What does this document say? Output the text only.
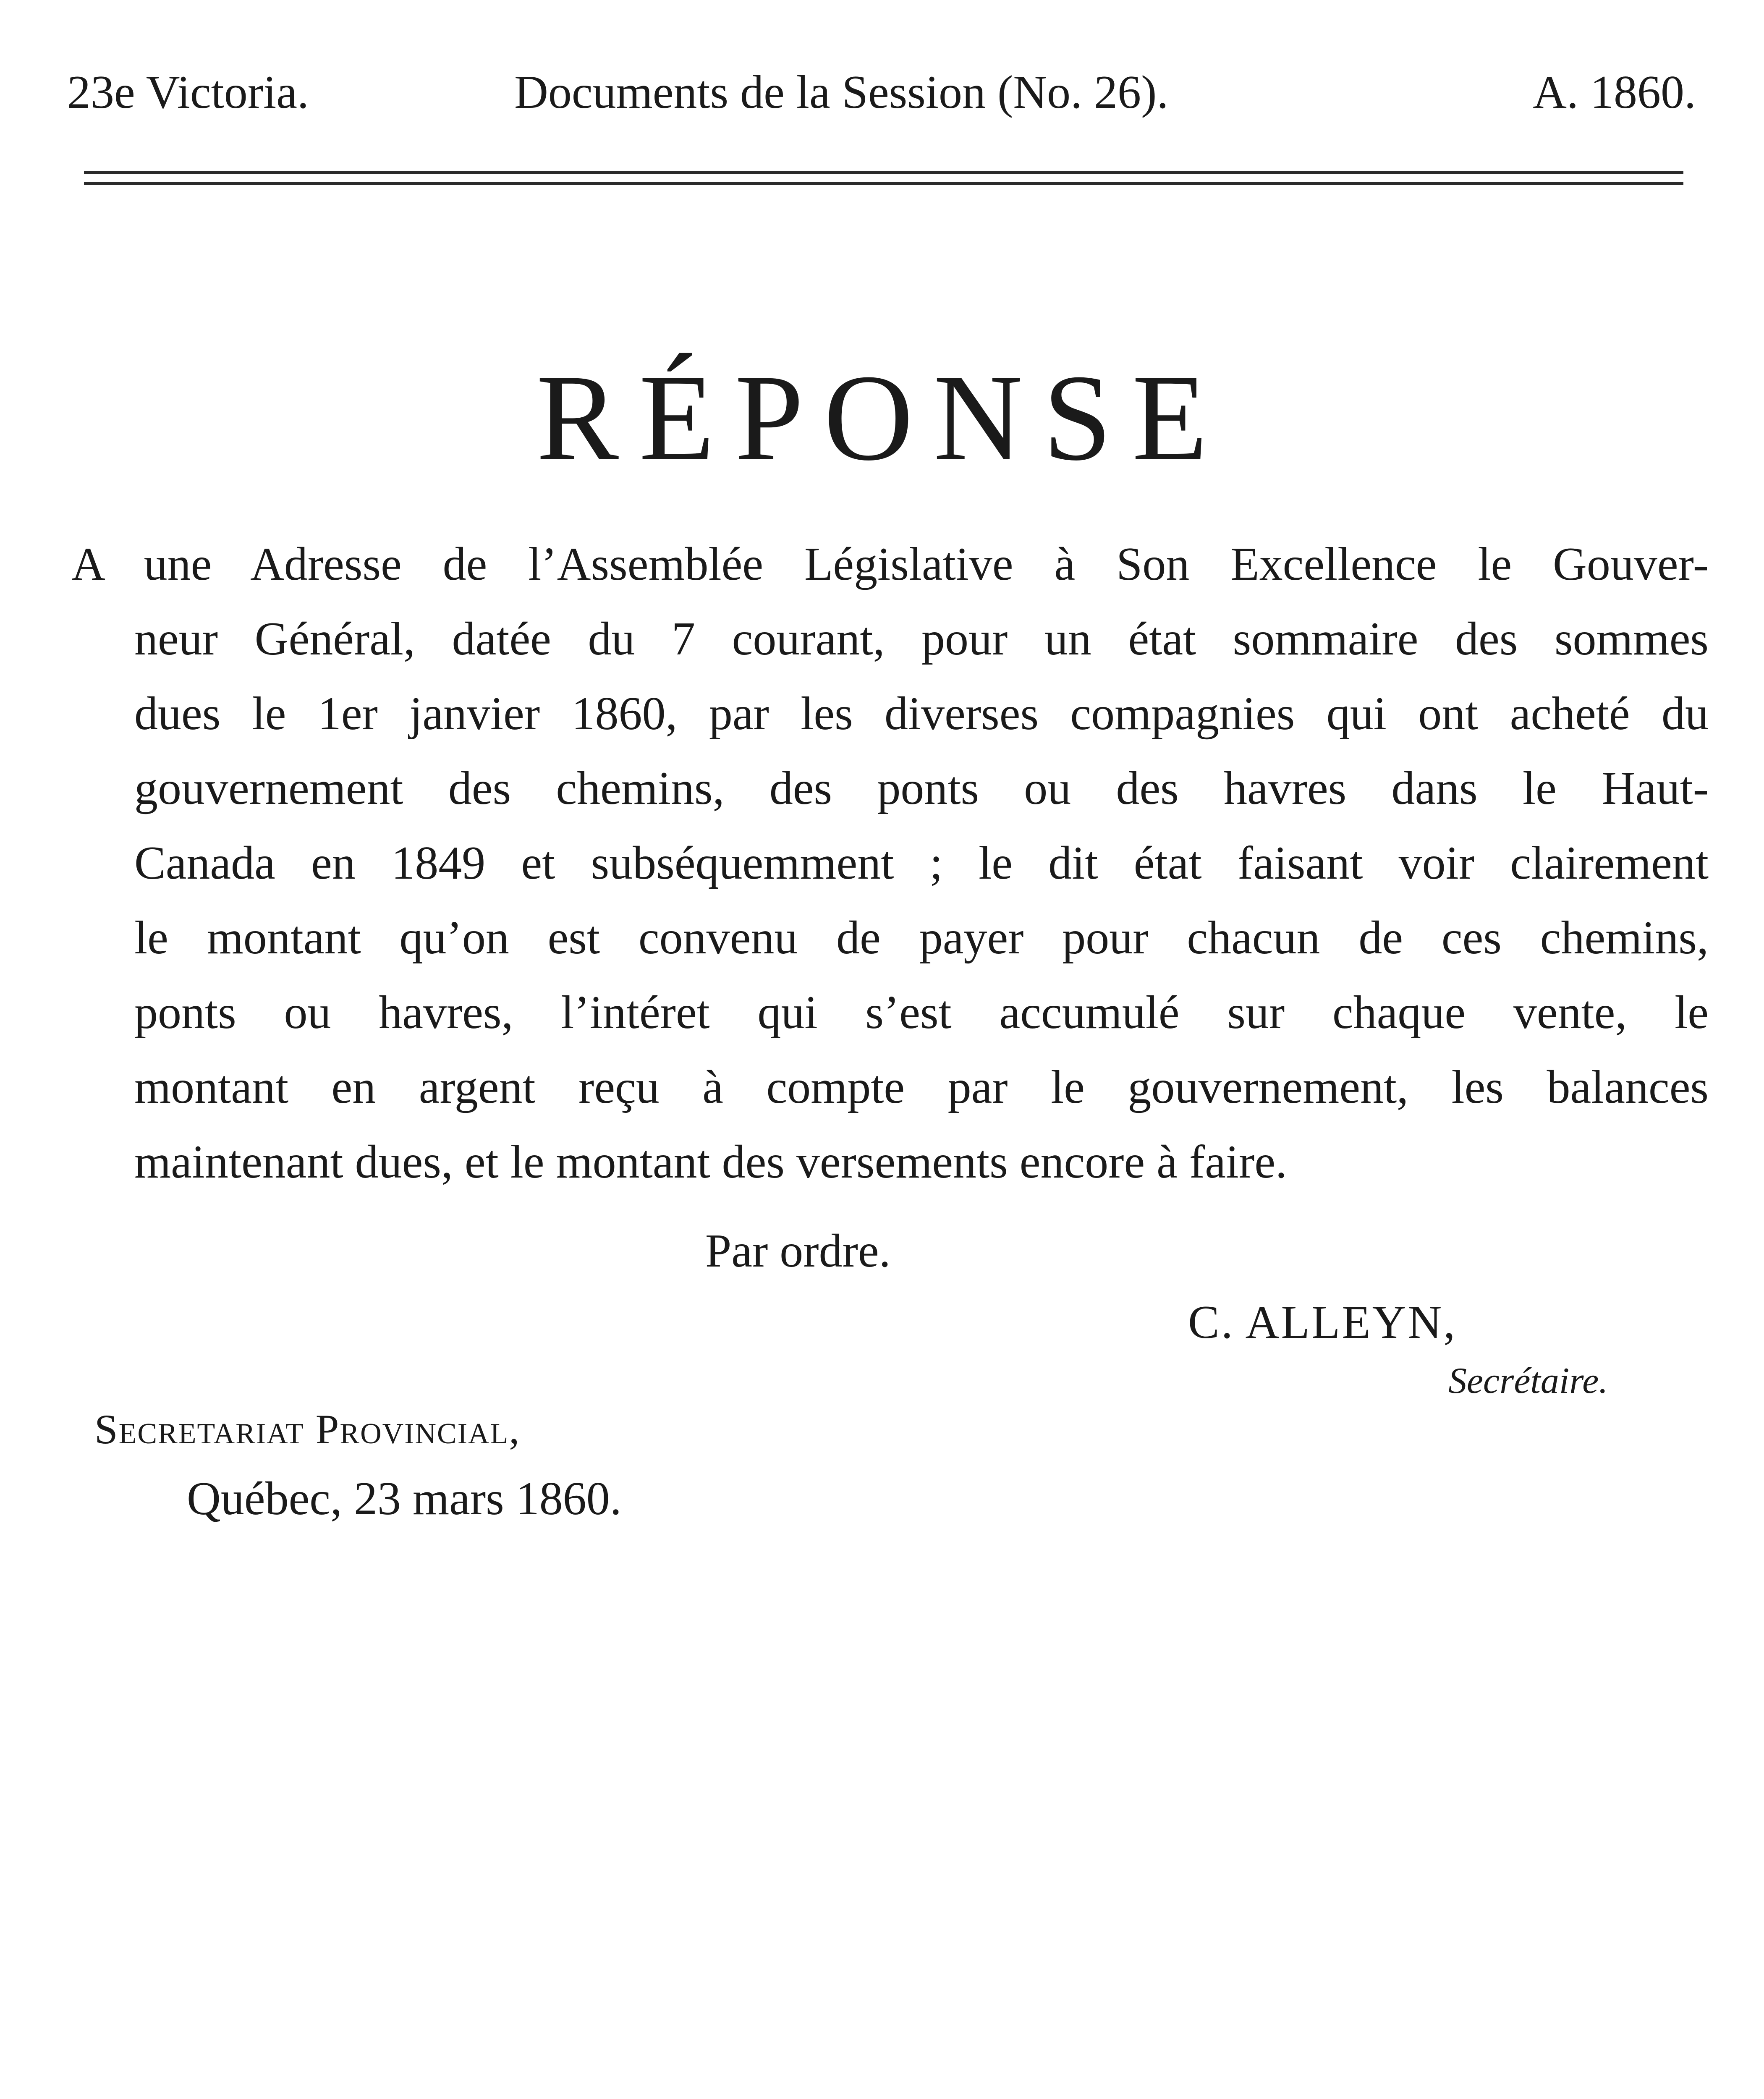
23e Victoria.	Documents de la Session (No. 26).	A. 1860.
RÉPONSE
A une Adresse de l’Assemblée Législative à Son Excellence le Gouver-
neur Général, datée du 7 courant, pour un état sommaire des sommes
dues le 1er janvier 1860, par les diverses compagnies qui ont acheté du
gouvernement des chemins, des ponts ou des havres dans le Haut-
Canada en 1849 et subséquemment ; le dit état faisant voir clairement
le montant qu’on est convenu de payer pour chacun de ces chemins,
ponts ou havres, l’intéret qui s’est accumulé sur chaque vente, le
montant en argent reçu à compte par le gouvernement, les balances
maintenant dues, et le montant des versements encore à faire.
Par ordre.
C. ALLEYN,
Secrétaire.
Secretariat Provincial,
Québec, 23 mars 1860.
